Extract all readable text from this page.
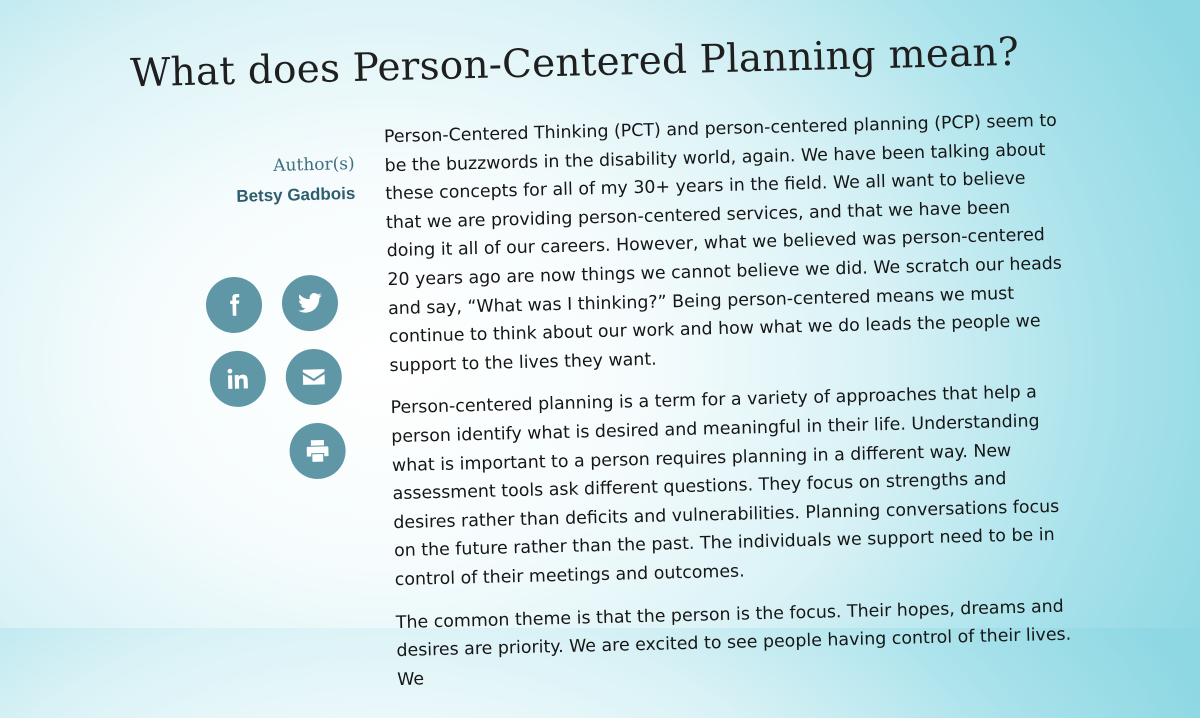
What does Person-Centered Planning mean?
Author(s)
Betsy Gadbois

Person-Centered Thinking (PCT) and person-centered planning (PCP) seem to be the buzzwords in the disability world, again. We have been talking about these concepts for all of my 30+ years in the field. We all want to believe that we are providing person-centered services, and that we have been doing it all of our careers. However, what we believed was person-centered 20 years ago are now things we cannot believe we did. We scratch our heads and say, “What was I thinking?” Being person-centered means we must continue to think about our work and how what we do leads the people we support to the lives they want.

Person-centered planning is a term for a variety of approaches that help a person identify what is desired and meaningful in their life. Understanding what is important to a person requires planning in a different way. New assessment tools ask different questions. They focus on strengths and desires rather than deficits and vulnerabilities. Planning conversations focus on the future rather than the past. The individuals we support need to be in control of their meetings and outcomes.

The common theme is that the person is the focus. Their hopes, dreams and desires are priority. We are excited to see people having control of their lives. We
